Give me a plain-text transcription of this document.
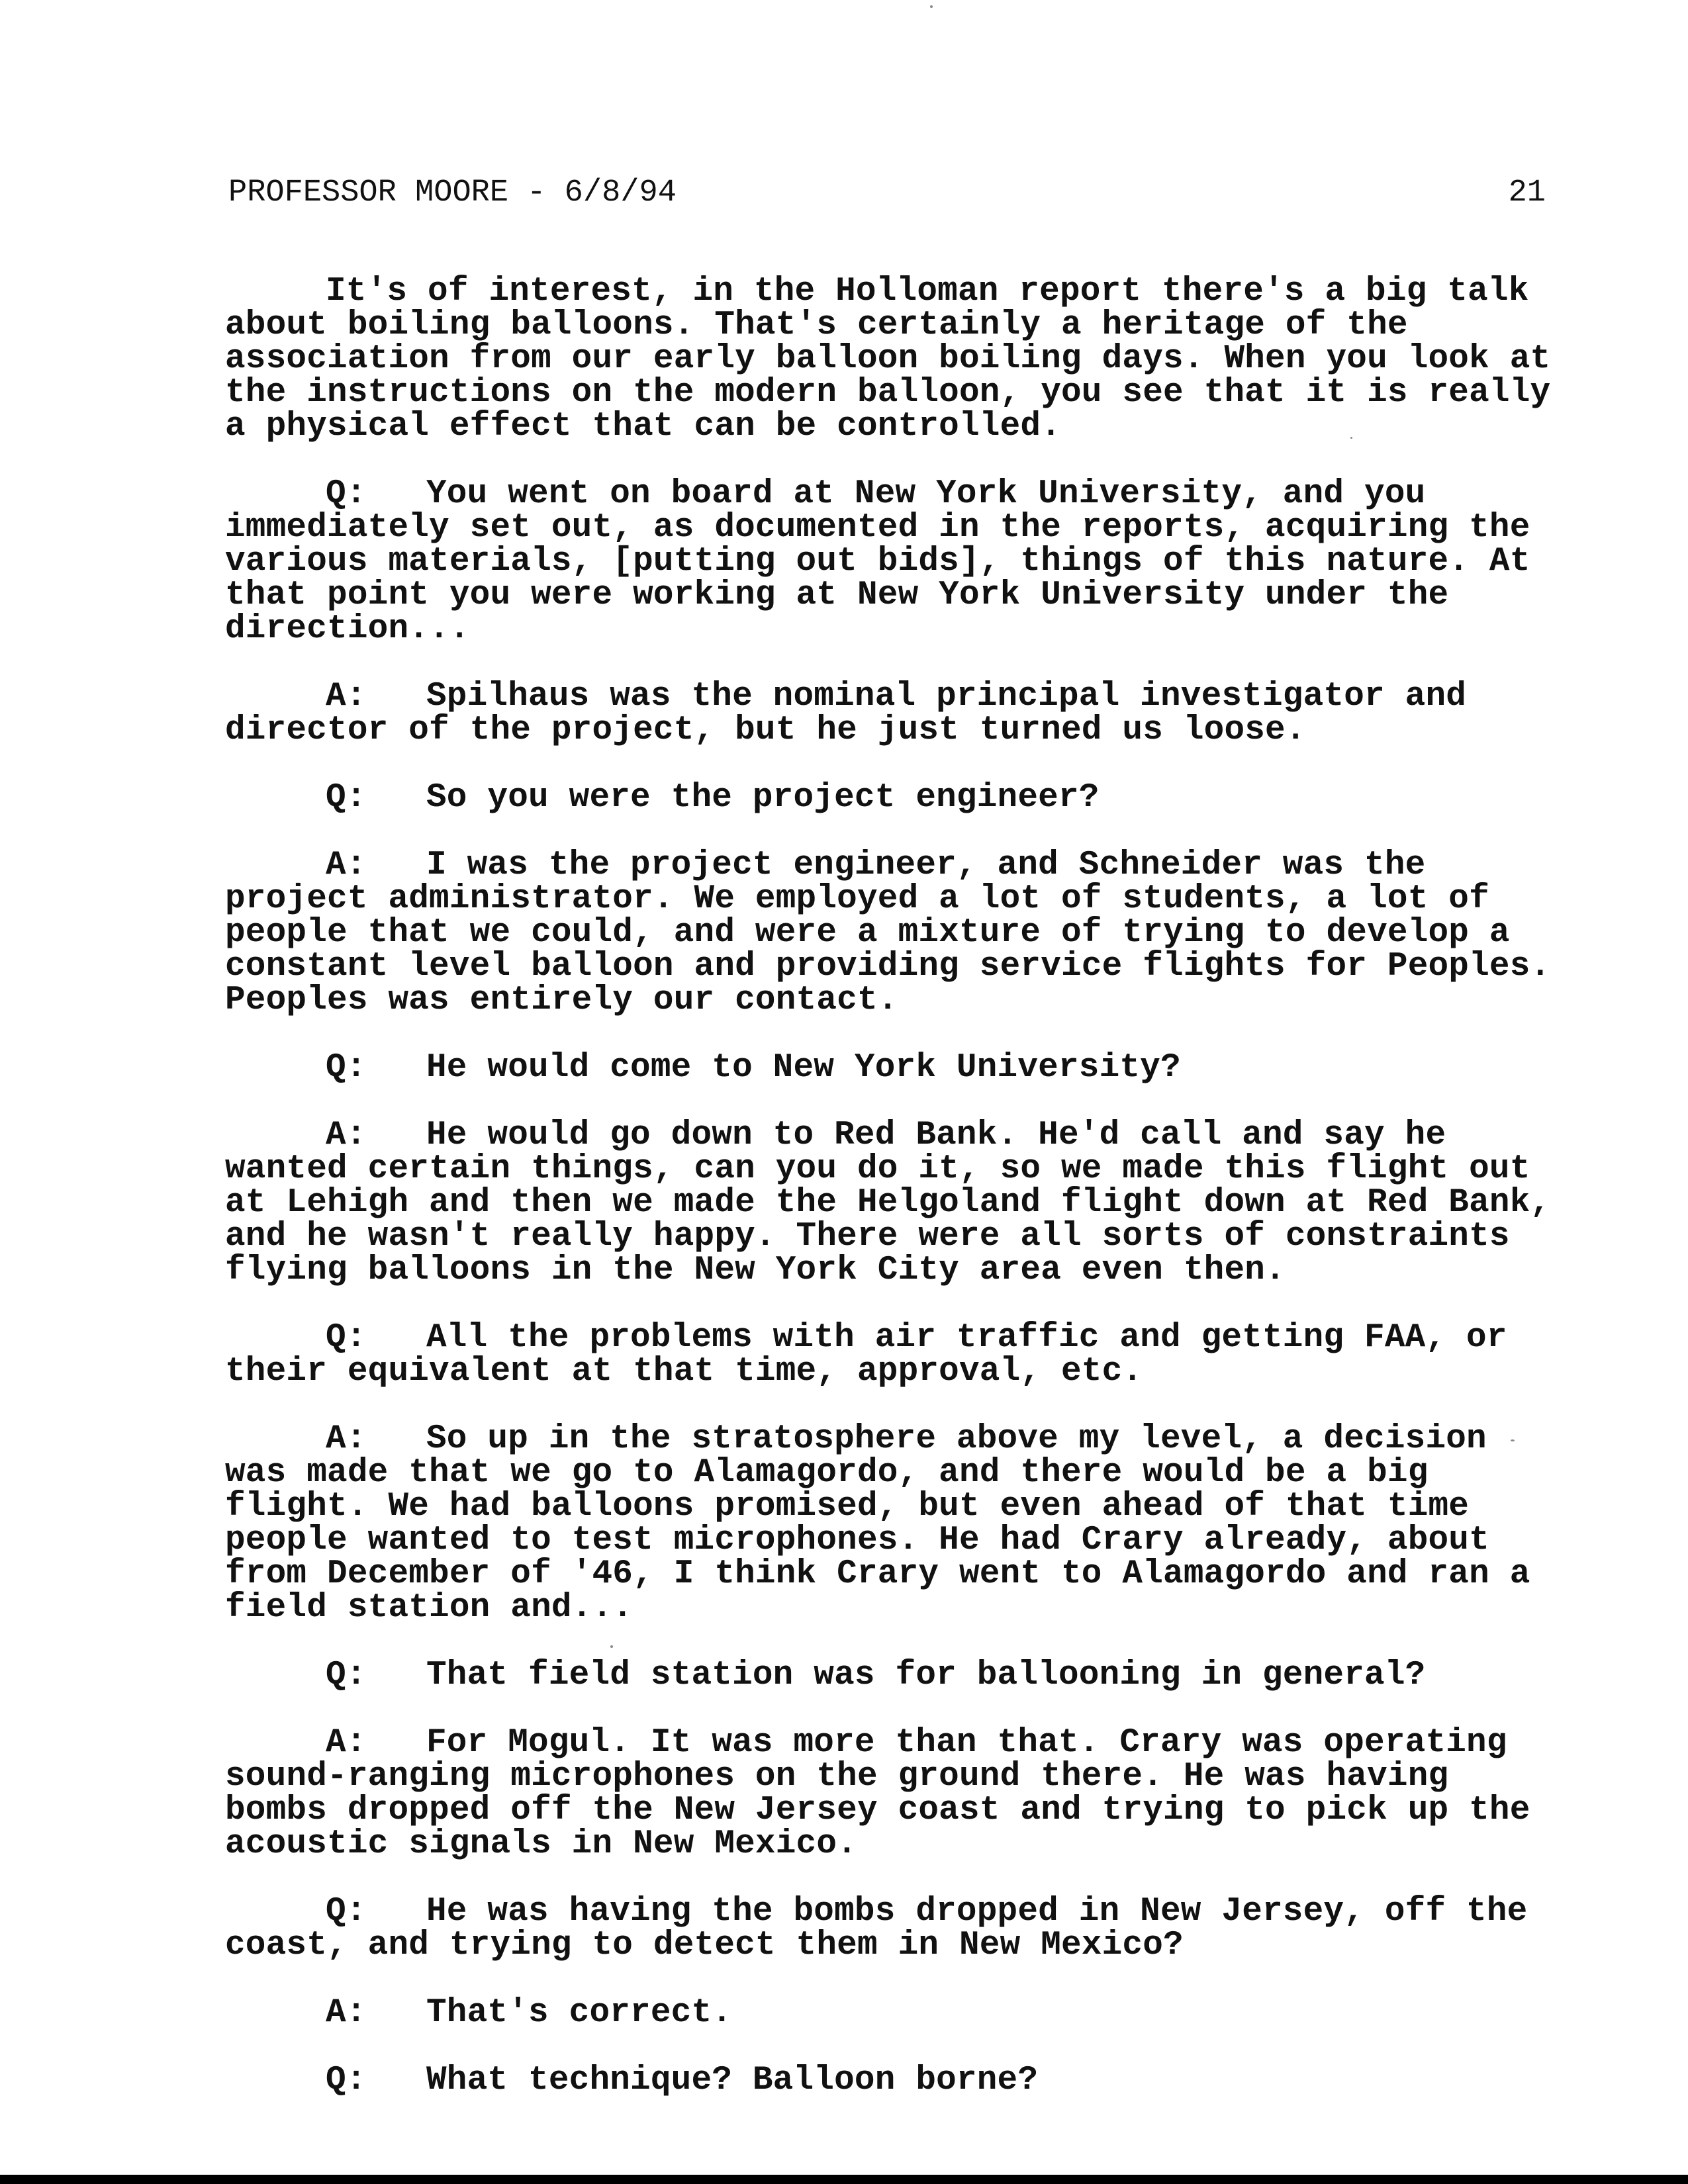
PROFESSOR MOORE - 6/8/94	21

It's of interest, in the Holloman report there's a big talk about boiling balloons. That's certainly a heritage of the association from our early balloon boiling days. When you look at the instructions on the modern balloon, you see that it is really a physical effect that can be controlled.

Q: You went on board at New York University, and you immediately set out, as documented in the reports, acquiring the various materials, [putting out bids], things of this nature. At that point you were working at New York University under the direction...

A: Spilhaus was the nominal principal investigator and director of the project, but he just turned us loose.

Q: So you were the project engineer?

A: I was the project engineer, and Schneider was the project administrator. We employed a lot of students, a lot of people that we could, and were a mixture of trying to develop a constant level balloon and providing service flights for Peoples. Peoples was entirely our contact.

Q: He would come to New York University?

A: He would go down to Red Bank. He'd call and say he wanted certain things, can you do it, so we made this flight out at Lehigh and then we made the Helgoland flight down at Red Bank, and he wasn't really happy. There were all sorts of constraints flying balloons in the New York City area even then.

Q: All the problems with air traffic and getting FAA, or their equivalent at that time, approval, etc.

A: So up in the stratosphere above my level, a decision was made that we go to Alamagordo, and there would be a big flight. We had balloons promised, but even ahead of that time people wanted to test microphones. He had Crary already, about from December of '46, I think Crary went to Alamagordo and ran a field station and...

Q: That field station was for ballooning in general?

A: For Mogul. It was more than that. Crary was operating sound-ranging microphones on the ground there. He was having bombs dropped off the New Jersey coast and trying to pick up the acoustic signals in New Mexico.

Q: He was having the bombs dropped in New Jersey, off the coast, and trying to detect them in New Mexico?

A: That's correct.

Q: What technique? Balloon borne?
